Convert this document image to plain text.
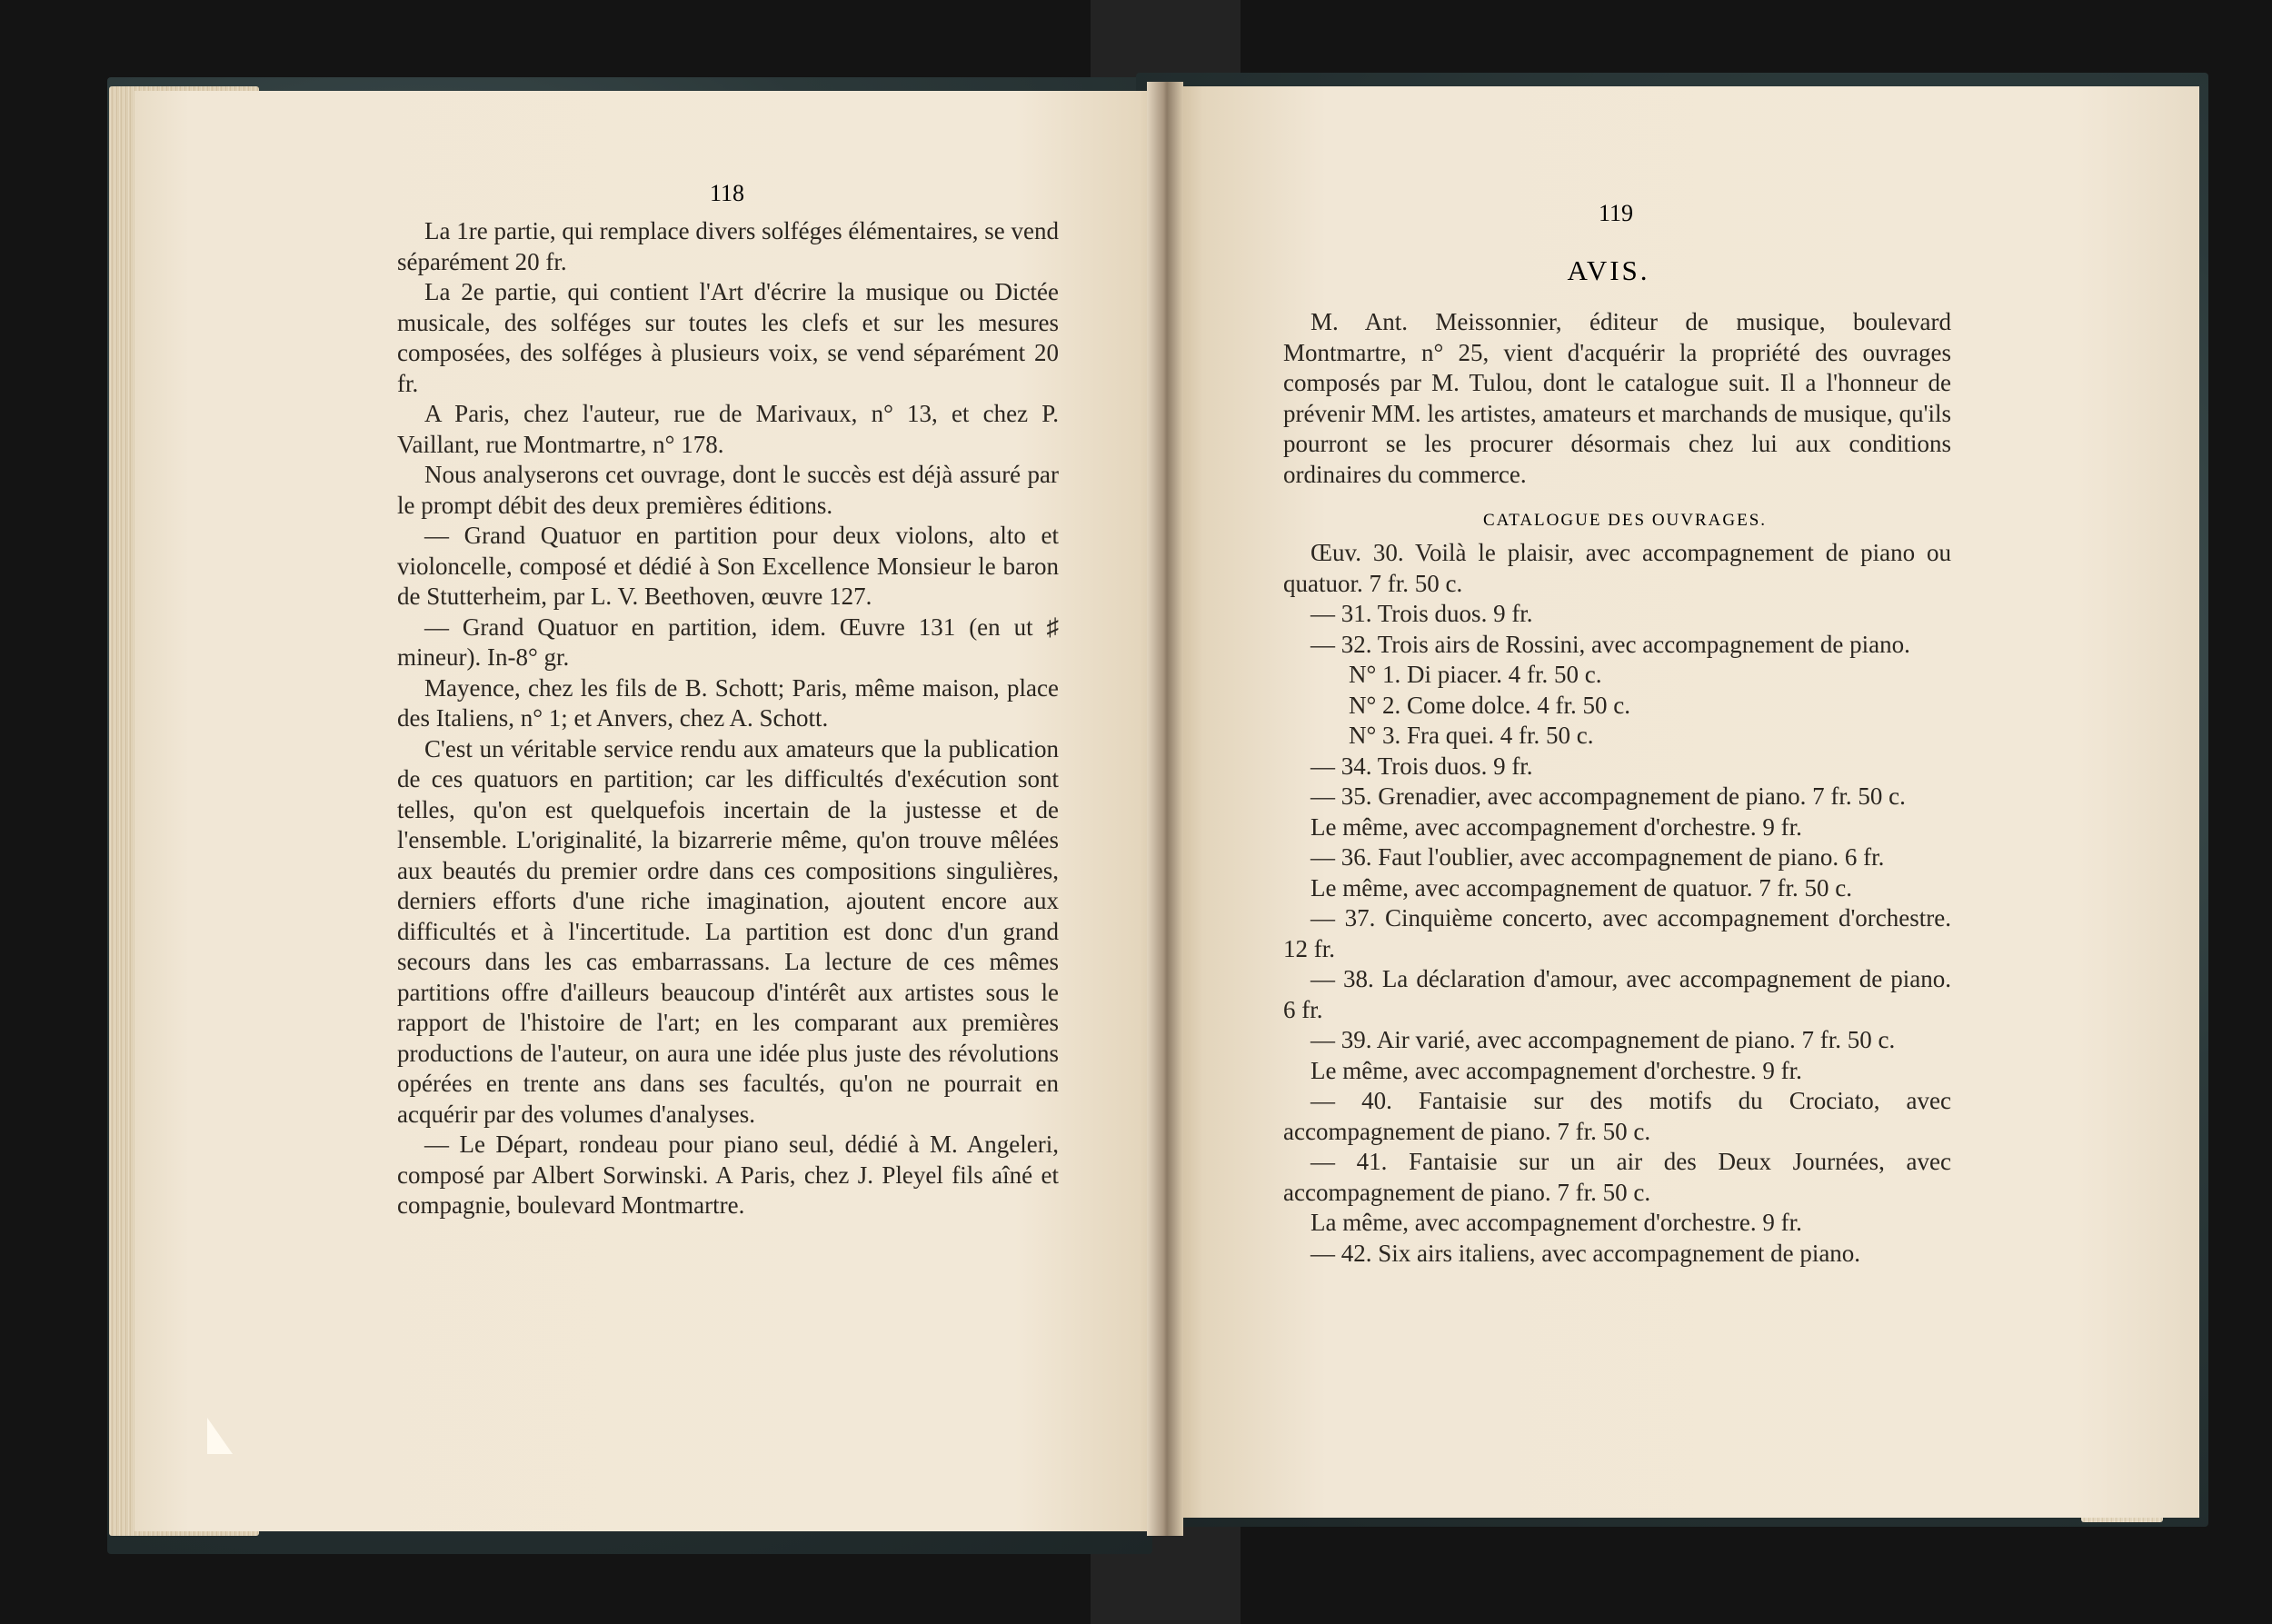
118

La 1re partie, qui remplace divers solféges élémentaires, se vend séparément 20 fr.

La 2e partie, qui contient l'Art d'écrire la musique ou Dictée musicale, des solféges sur toutes les clefs et sur les mesures composées, des solféges à plusieurs voix, se vend séparément 20 fr.

A Paris, chez l'auteur, rue de Marivaux, n° 13, et chez P. Vaillant, rue Montmartre, n° 178.

Nous analyserons cet ouvrage, dont le succès est déjà assuré par le prompt débit des deux premières éditions.

— Grand Quatuor en partition pour deux violons, alto et violoncelle, composé et dédié à Son Excellence Monsieur le baron de Stutterheim, par L. V. Beethoven, œuvre 127.

— Grand Quatuor en partition, idem. Œuvre 131 (en ut ♯ mineur). In-8° gr.

Mayence, chez les fils de B. Schott; Paris, même maison, place des Italiens, n° 1; et Anvers, chez A. Schott.

C'est un véritable service rendu aux amateurs que la publication de ces quatuors en partition; car les difficultés d'exécution sont telles, qu'on est quelquefois incertain de la justesse et de l'ensemble. L'originalité, la bizarrerie même, qu'on trouve mêlées aux beautés du premier ordre dans ces compositions singulières, derniers efforts d'une riche imagination, ajoutent encore aux difficultés et à l'incertitude. La partition est donc d'un grand secours dans les cas embarrassans. La lecture de ces mêmes partitions offre d'ailleurs beaucoup d'intérêt aux artistes sous le rapport de l'histoire de l'art; en les comparant aux premières productions de l'auteur, on aura une idée plus juste des révolutions opérées en trente ans dans ses facultés, qu'on ne pourrait en acquérir par des volumes d'analyses.

— Le Départ, rondeau pour piano seul, dédié à M. Angeleri, composé par Albert Sorwinski. A Paris, chez J. Pleyel fils aîné et compagnie, boulevard Montmartre.

119
AVIS.

M. Ant. Meissonnier, éditeur de musique, boulevard Montmartre, n° 25, vient d'acquérir la propriété des ouvrages composés par M. Tulou, dont le catalogue suit. Il a l'honneur de prévenir MM. les artistes, amateurs et marchands de musique, qu'ils pourront se les procurer désormais chez lui aux conditions ordinaires du commerce.

CATALOGUE DES OUVRAGES.

Œuv. 30. Voilà le plaisir, avec accompagnement de piano ou quatuor. 7 fr. 50 c.

— 31. Trois duos. 9 fr.

— 32. Trois airs de Rossini, avec accompagnement de piano.

N° 1. Di piacer. 4 fr. 50 c.

N° 2. Come dolce. 4 fr. 50 c.

N° 3. Fra quei. 4 fr. 50 c.

— 34. Trois duos. 9 fr.

— 35. Grenadier, avec accompagnement de piano. 7 fr. 50 c.

Le même, avec accompagnement d'orchestre. 9 fr.

— 36. Faut l'oublier, avec accompagnement de piano. 6 fr.

Le même, avec accompagnement de quatuor. 7 fr. 50 c.

— 37. Cinquième concerto, avec accompagnement d'orchestre. 12 fr.

— 38. La déclaration d'amour, avec accompagnement de piano. 6 fr.

— 39. Air varié, avec accompagnement de piano. 7 fr. 50 c.

Le même, avec accompagnement d'orchestre. 9 fr.

— 40. Fantaisie sur des motifs du Crociato, avec accompagnement de piano. 7 fr. 50 c.

— 41. Fantaisie sur un air des Deux Journées, avec accompagnement de piano. 7 fr. 50 c.

La même, avec accompagnement d'orchestre. 9 fr.

— 42. Six airs italiens, avec accompagnement de piano.
